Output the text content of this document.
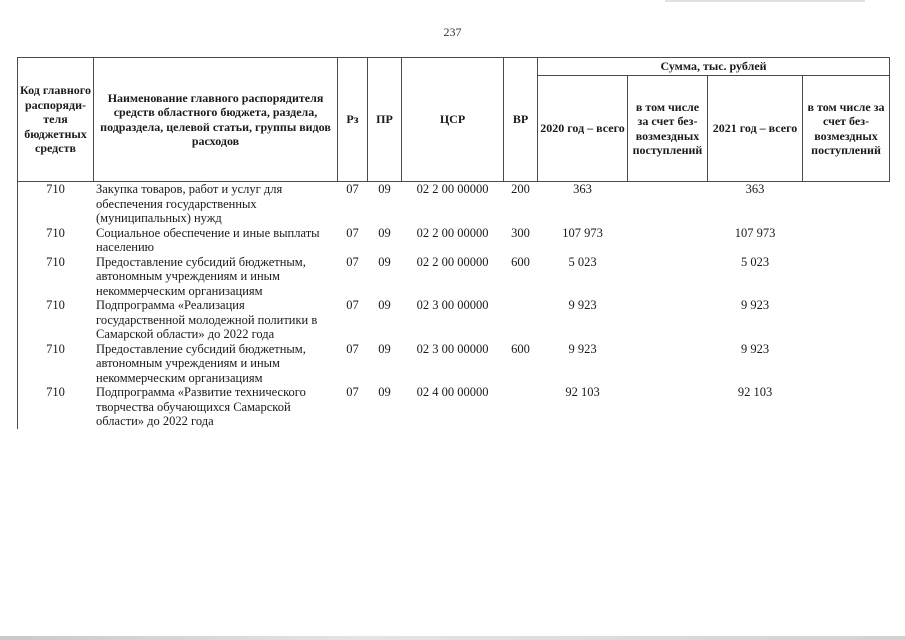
237
Код главного распорядителя бюджетных средств	Наименование главного распорядителя средств областного бюджета, раздела, подраздела, целевой статьи, группы видов расходов	Рз	ПР	ЦСР	ВР	Сумма, тыс. рублей			
						2020 год – всего	в том числе за счет безвозмездных поступлений	2021 год – всего	в том числе за счет безвозмездных поступлений
710	Закупка товаров, работ и услуг для обеспечения государственных (муниципальных) нужд	07	09	02 2 00 00000	200	363		363	
710	Социальное обеспечение и иные выплаты населению	07	09	02 2 00 00000	300	107 973		107 973	
710	Предоставление субсидий бюджетным, автономным учреждениям и иным некоммерческим организациям	07	09	02 2 00 00000	600	5 023		5 023	
710	Подпрограмма «Реализация государственной молодежной политики в Самарской области» до 2022 года	07	09	02 3 00 00000		9 923		9 923	
710	Предоставление субсидий бюджетным, автономным учреждениям и иным некоммерческим организациям	07	09	02 3 00 00000	600	9 923		9 923	
710	Подпрограмма «Развитие технического творчества обучающихся Самарской области» до 2022 года	07	09	02 4 00 00000		92 103		92 103	
